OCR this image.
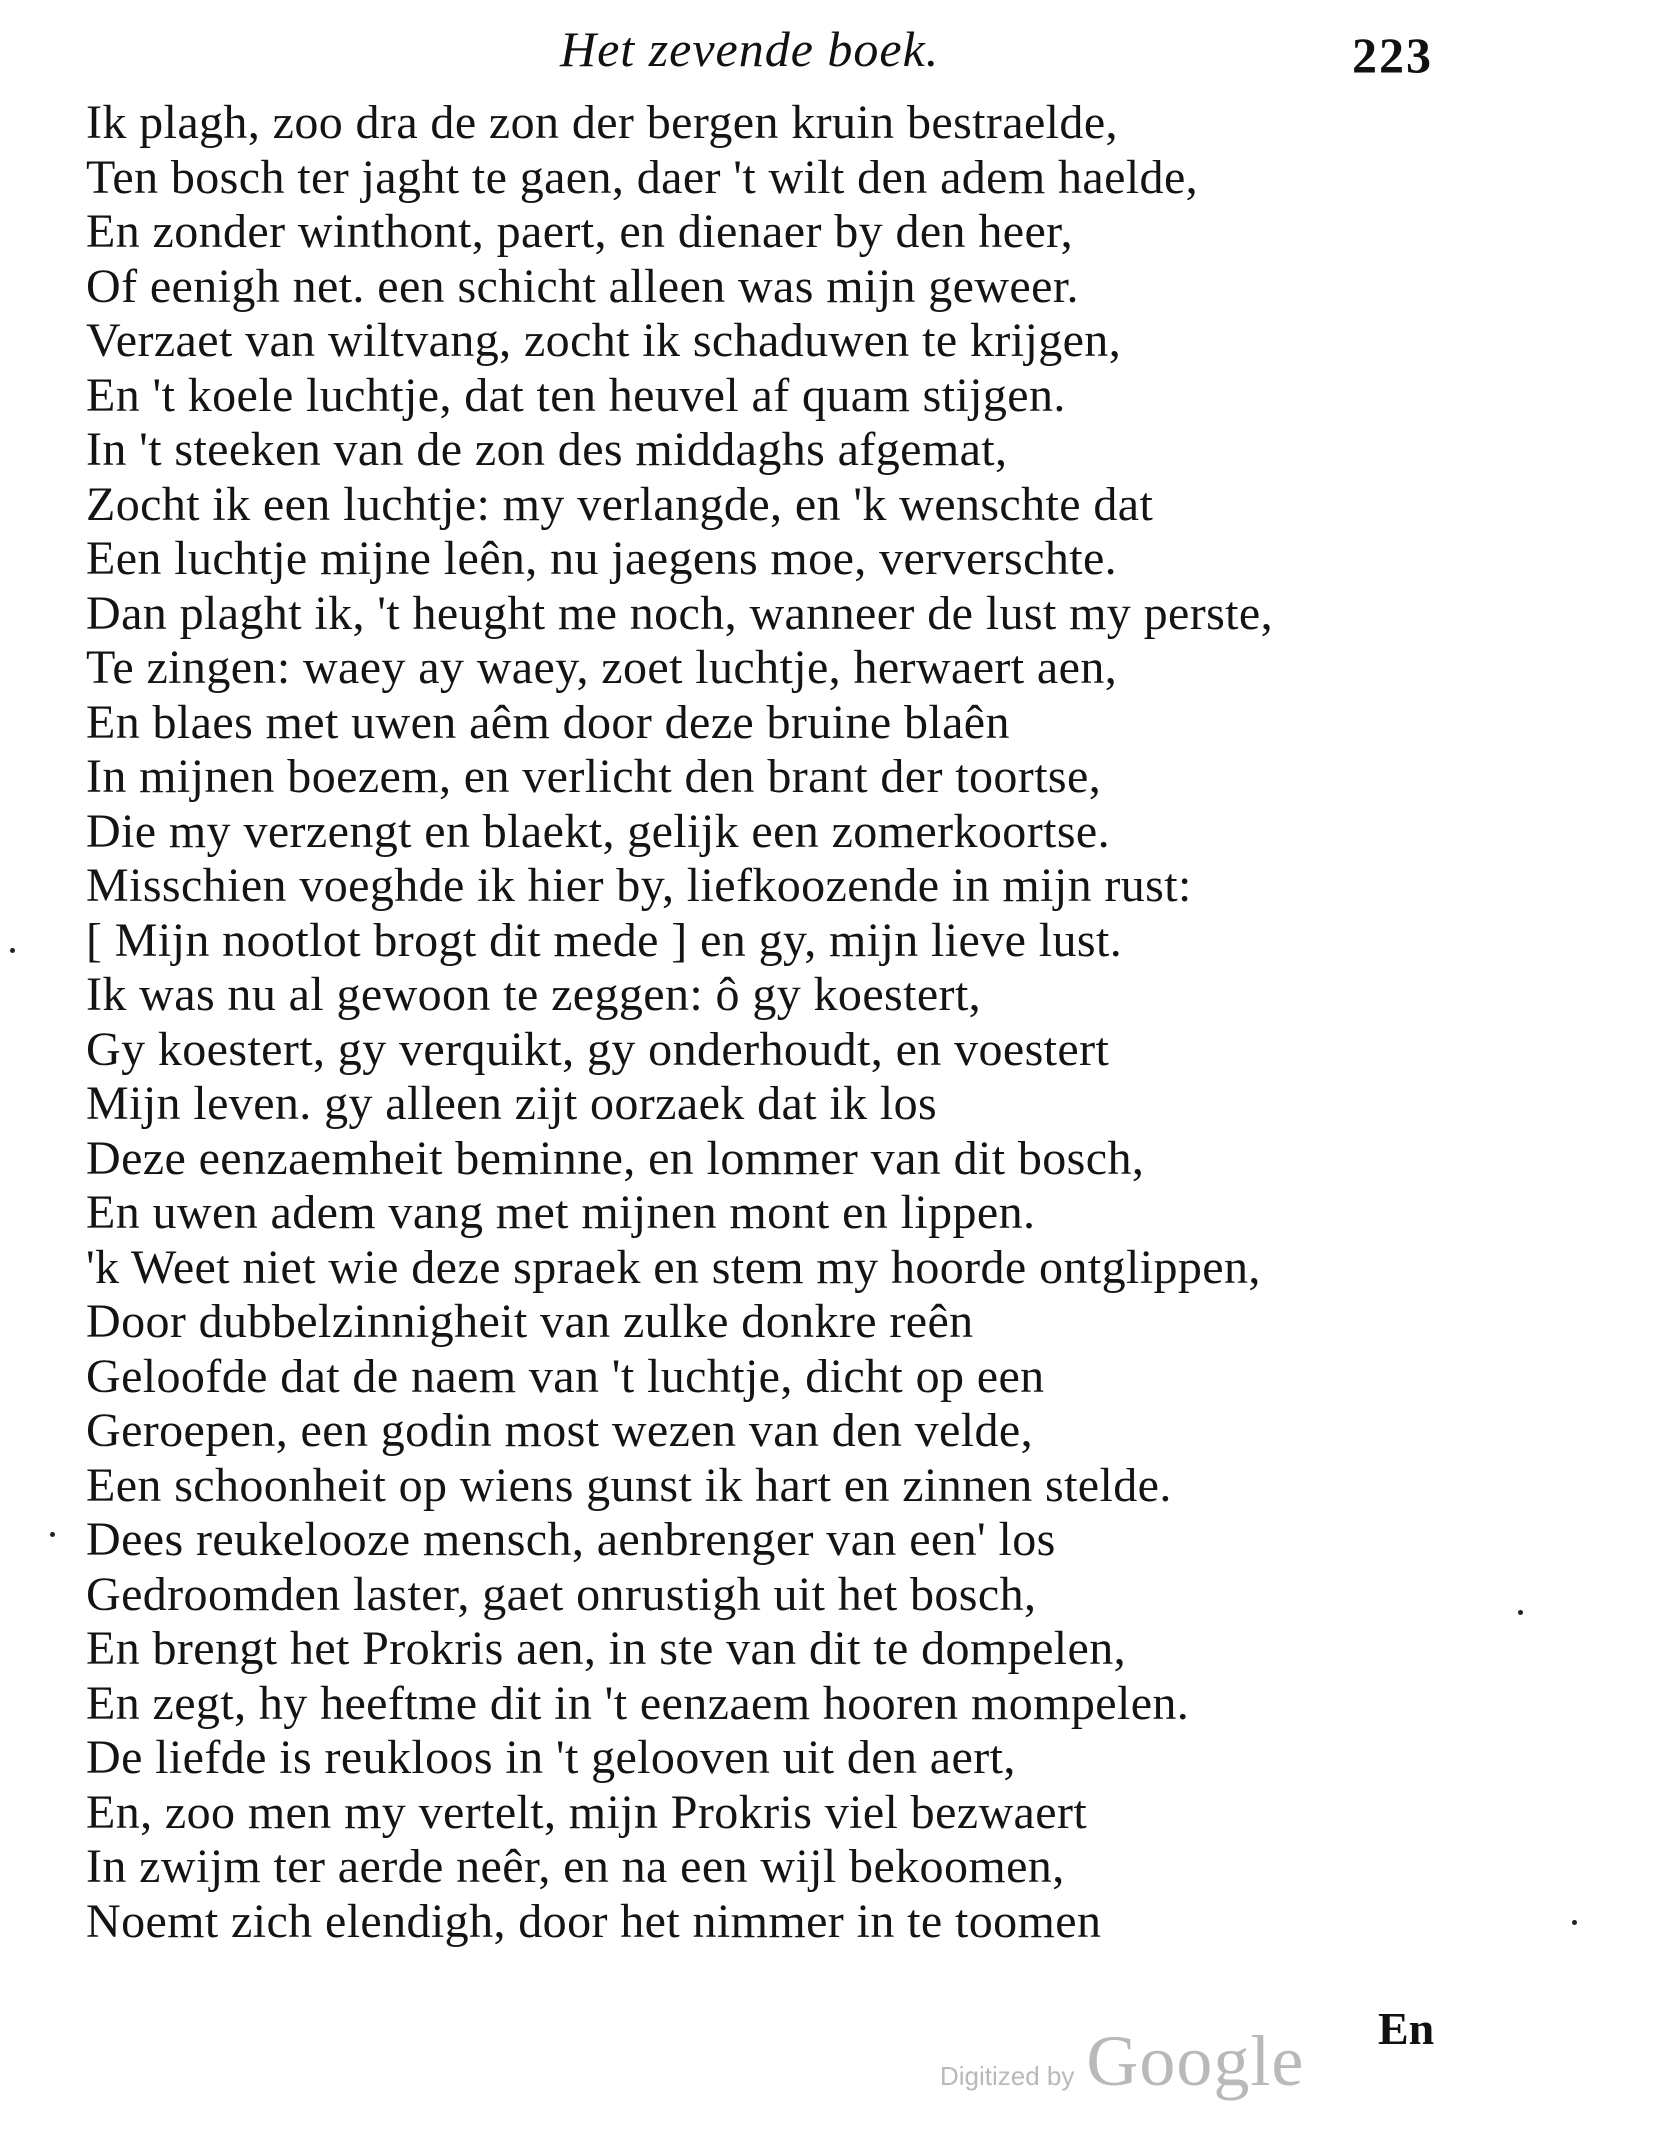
Het zevende boek.	223
Ik plagh, zoo dra de zon der bergen kruin bestraelde,
Ten bosch ter jaght te gaen, daer 't wilt den adem haelde,
En zonder winthont, paert, en dienaer by den heer,
Of eenigh net. een schicht alleen was mijn geweer.
Verzaet van wiltvang, zocht ik schaduwen te krijgen,
En 't koele luchtje, dat ten heuvel af quam stijgen.
In 't steeken van de zon des middaghs afgemat,
Zocht ik een luchtje: my verlangde, en 'k wenschte dat
Een luchtje mijne leên, nu jaegens moe, ververschte.
Dan plaght ik, 't heught me noch, wanneer de lust my perste,
Te zingen: waey ay waey, zoet luchtje, herwaert aen,
En blaes met uwen aêm door deze bruine blaên
In mijnen boezem, en verlicht den brant der toortse,
Die my verzengt en blaekt, gelijk een zomerkoortse.
Misschien voeghde ik hier by, liefkoozende in mijn rust:
[ Mijn nootlot brogt dit mede ] en gy, mijn lieve lust.
Ik was nu al gewoon te zeggen: ô gy koestert,
Gy koestert, gy verquikt, gy onderhoudt, en voestert
Mijn leven. gy alleen zijt oorzaek dat ik los
Deze eenzaemheit beminne, en lommer van dit bosch,
En uwen adem vang met mijnen mont en lippen.
'k Weet niet wie deze spraek en stem my hoorde ontglippen,
Door dubbelzinnigheit van zulke donkre reên
Geloofde dat de naem van 't luchtje, dicht op een
Geroepen, een godin most wezen van den velde,
Een schoonheit op wiens gunst ik hart en zinnen stelde.
Dees reukelooze mensch, aenbrenger van een' los
Gedroomden laster, gaet onrustigh uit het bosch,
En brengt het Prokris aen, in ste van dit te dompelen,
En zegt, hy heeftme dit in 't eenzaem hooren mompelen.
De liefde is reukloos in 't gelooven uit den aert,
En, zoo men my vertelt, mijn Prokris viel bezwaert
In zwijm ter aerde neêr, en na een wijl bekoomen,
Noemt zich elendigh, door het nimmer in te toomen
En
Digitized by Google
